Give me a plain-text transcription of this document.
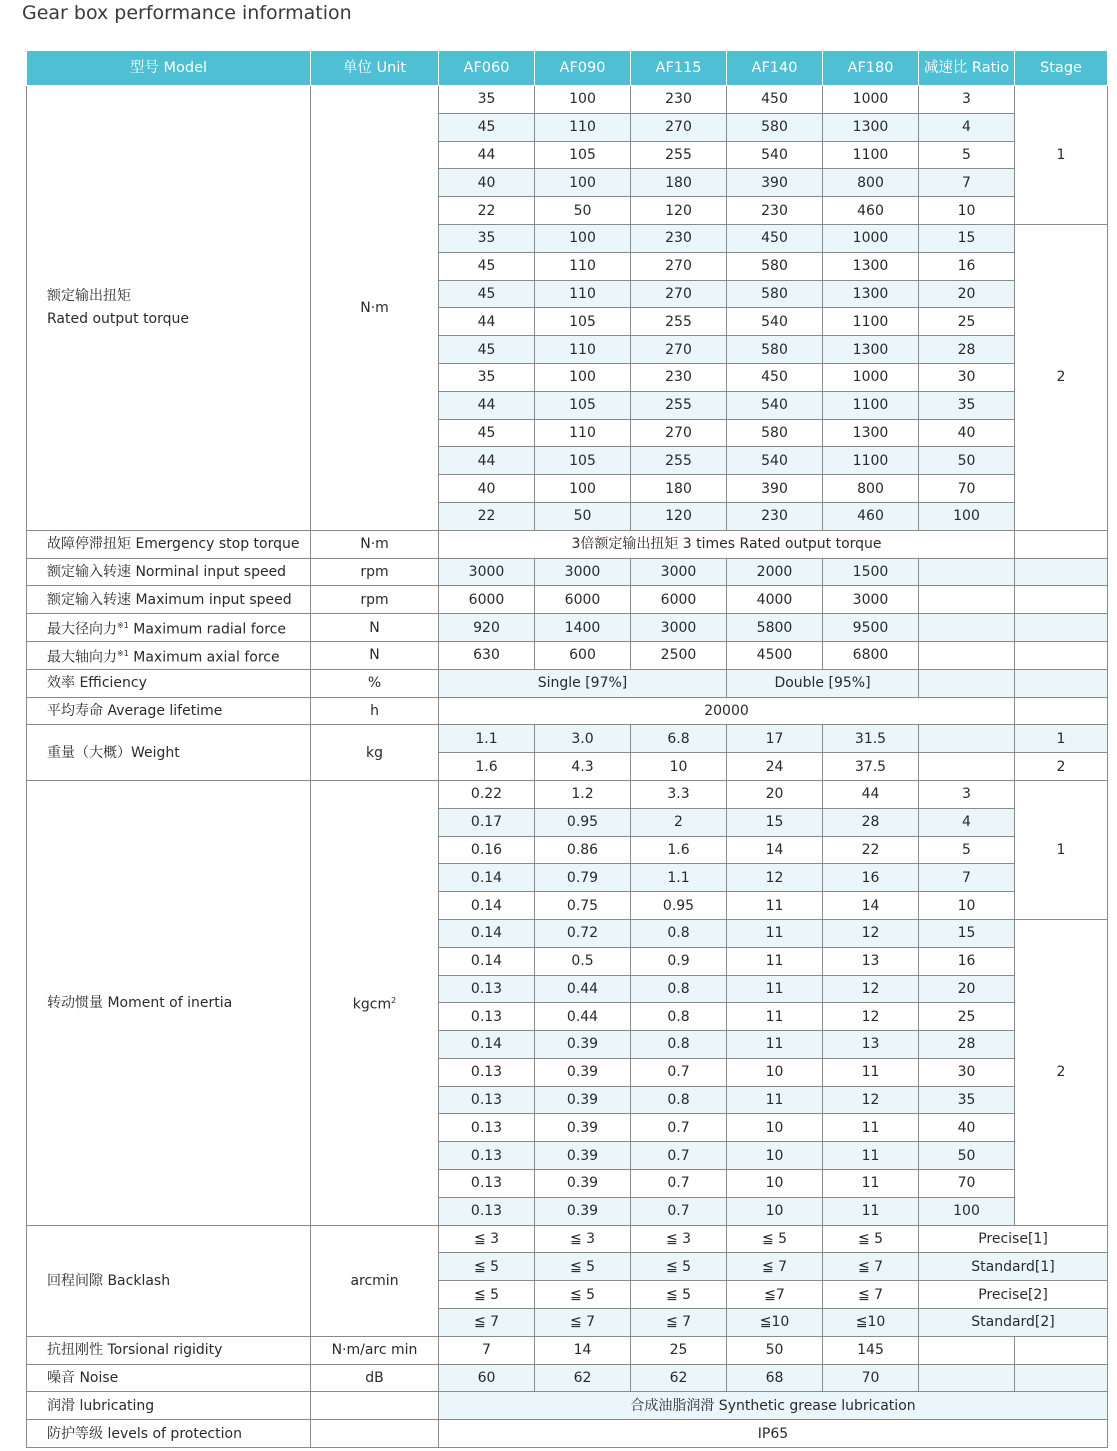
Gear box performance information
型号 Model	单位 Unit	AF060	AF090	AF115	AF140	AF180	减速比 Ratio	Stage
额定输出扭矩
Rated output torque	N·m	35	100	230	450	1000	3	1
		45	110	270	580	1300	4	
		44	105	255	540	1100	5	
		40	100	180	390	800	7	
		22	50	120	230	460	10	
		35	100	230	450	1000	15	2
		45	110	270	580	1300	16	
		45	110	270	580	1300	20	
		44	105	255	540	1100	25	
		45	110	270	580	1300	28	
		35	100	230	450	1000	30	
		44	105	255	540	1100	35	
		45	110	270	580	1300	40	
		44	105	255	540	1100	50	
		40	100	180	390	800	70	
		22	50	120	230	460	100	
故障停滞扭矩 Emergency stop torque	N·m	3倍额定输出扭矩 3 times Rated output torque						
额定输入转速 Norminal input speed	rpm	3000	3000	3000	2000	1500		
额定输入转速 Maximum input speed	rpm	6000	6000	6000	4000	3000		
最大径向力$^{※1}$ Maximum radial force	N	920	1400	3000	5800	9500		
最大轴向力$^{※1}$ Maximum axial force	N	630	600	2500	4500	6800		
效率 Efficiency	%	Single [97%]			Double [95%]			
平均寿命 Average lifetime	h	20000						
重量（大概）Weight	kg	1.1	3.0	6.8	17	31.5		1
		1.6	4.3	10	24	37.5		2
转动惯量 Moment of inertia	kgcm$^2$	0.22	1.2	3.3	20	44	3	1
		0.17	0.95	2	15	28	4	
		0.16	0.86	1.6	14	22	5	
		0.14	0.79	1.1	12	16	7	
		0.14	0.75	0.95	11	14	10	
		0.14	0.72	0.8	11	12	15	2
		0.14	0.5	0.9	11	13	16	
		0.13	0.44	0.8	11	12	20	
		0.13	0.44	0.8	11	12	25	
		0.14	0.39	0.8	11	13	28	
		0.13	0.39	0.7	10	11	30	
		0.13	0.39	0.8	11	12	35	
		0.13	0.39	0.7	10	11	40	
		0.13	0.39	0.7	10	11	50	
		0.13	0.39	0.7	10	11	70	
		0.13	0.39	0.7	10	11	100	
回程间隙 Backlash	arcmin	≦ 3	≦ 3	≦ 3	≦ 5	≦ 5	Precise[1]	
		≦ 5	≦ 5	≦ 5	≦ 7	≦ 7	Standard[1]	
		≦ 5	≦ 5	≦ 5	≦7	≦ 7	Precise[2]	
		≦ 7	≦ 7	≦ 7	≦10	≦10	Standard[2]	
抗扭刚性 Torsional rigidity	N·m/arc min	7	14	25	50	145		
噪音 Noise	dB	60	62	62	68	70		
润滑 lubricating		合成油脂润滑 Synthetic grease lubrication						
防护等级 levels of protection		IP65						
